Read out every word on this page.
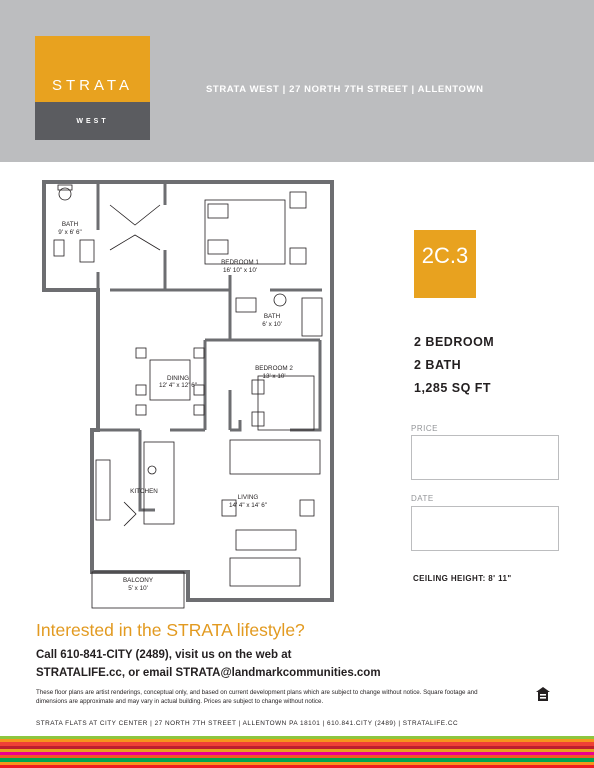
STRATA
WEST
STRATA WEST | 27 NORTH 7TH STREET | ALLENTOWN
BATH
9' x 6' 6"
BEDROOM 1
16' 10" x 10'
BATH
6' x 10'
BEDROOM 2
13' x 10'
DINING
12' 4" x 12' 6"
KITCHEN
LIVING
14' 4" x 14' 6"
BALCONY
5' x 10'
2C.3
2 BEDROOM
2 BATH
1,285 SQ FT
PRICE
DATE
CEILING HEIGHT: 8' 11"
Interested in the STRATA lifestyle?
Call 610-841-CITY (2489), visit us on the web at
STRATALIFE.cc, or email STRATA@landmarkcommunities.com
These floor plans are artist renderings, conceptual only, and based on current development plans which are subject to change without notice. Square footage and dimensions are approximate and may vary in actual building. Prices are subject to change without notice.
STRATA FLATS AT CITY CENTER | 27 NORTH 7TH STREET | ALLENTOWN PA 18101 | 610.841.CITY (2489) | STRATALIFE.CC
